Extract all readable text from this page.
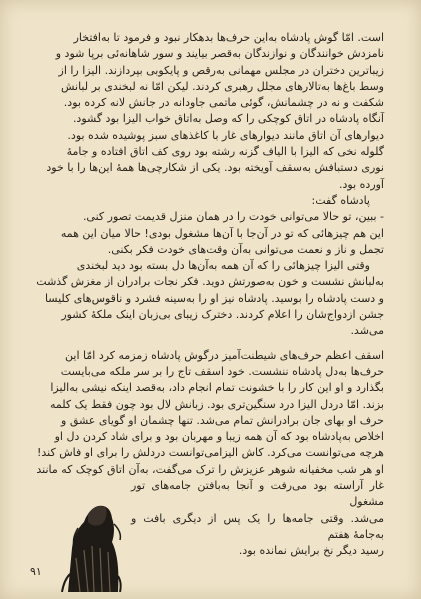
است. امّا گوش پادشاه به‌این حرف‌ها بدهکار نبود و فرمود تا به‌افتخار

نامزدش خوانندگان و نوازندگان به‌قصر بیایند و سور شاهانه‌ئی برپا شود و

زیباترین دختران در مجلس مهمانی به‌رقص و پایکوبی بپردازند. الیزا را از

وسط باغ‌ها به‌تالارهای مجلل رهبری کردند. لیکن امّا نه لبخندی بر لبانش

شکفت و نه در چشمانش، گوئی ماتمی جاودانه در جانش لانه کرده بود.

آنگاه پادشاه در اتاق کوچکی را که وصل به‌اتاق خواب الیزا بود گشود.

دیوارهای آن اتاق مانند دیوارهای غار با کاغذهای سبز پوشیده شده بود.

گلوله نخی که الیزا با الیاف گزنه رشته بود روی کف اتاق افتاده و جامهٔ

نوری دستبافش به‌سقف آویخته بود. یکی از شکارچی‌ها همهٔ این‌ها را با خود

آورده بود.

پادشاه گفت:

- ببین، تو حالا می‌توانی خودت را در همان منزل قدیمت تصور کنی.

این هم چیزهائی که تو در آن‌جا با آن‌ها مشغول بودی! حالا میان این همه

تجمل و ناز و نعمت می‌توانی به‌آن وقت‌های خودت فکر بکنی.

وقتی الیزا چیزهائی را که آن همه به‌آن‌ها دل بسته بود دید لبخندی

به‌لبانش نشست و خون به‌صورتش دوید. فکر نجات برادران از مغزش گذشت

و دست پادشاه را بوسید. پادشاه نیز او را به‌سینه فشرد و ناقوس‌های کلیسا

جشن ازدواج‌شان را اعلام کردند. دخترک زیبای بی‌زبان اینک ملکهٔ کشور

می‌شد.

اسقف اعظم حرف‌های شیطنت‌آمیز درگوش پادشاه زمزمه کرد امّا این

حرف‌ها به‌دل پادشاه ننشست. خود اسقف تاج را بر سر ملکه می‌بایست

بگذارد و او این کار را با خشونت تمام انجام داد، به‌قصد اینکه نیشی به‌الیزا

بزند. امّا دردل الیزا درد سنگین‌تری بود. زبانش لال بود چون فقط یک کلمه

حرف او بهای جان برادرانش تمام می‌شد. تنها چشمان او گویای عشق و

اخلاص به‌پادشاه بود که آن همه زیبا و مهربان بود و برای شاد کردن دل او

هرچه می‌توانست می‌کرد. کاش الیزامی‌توانست دردلش را برای او فاش کند!

او هر شب مخفیانه شوهر عزیزش را ترک می‌گفت، به‌آن اتاق کوچک که مانند

غار آراسته بود می‌رفت و آنجا به‌بافتن جامه‌های تور مشغول

می‌شد. وقتی جامه‌ها را یک پس از دیگری بافت و به‌جامهٔ هفتم

رسید دیگر نخ برایش نمانده بود.

۹۱
